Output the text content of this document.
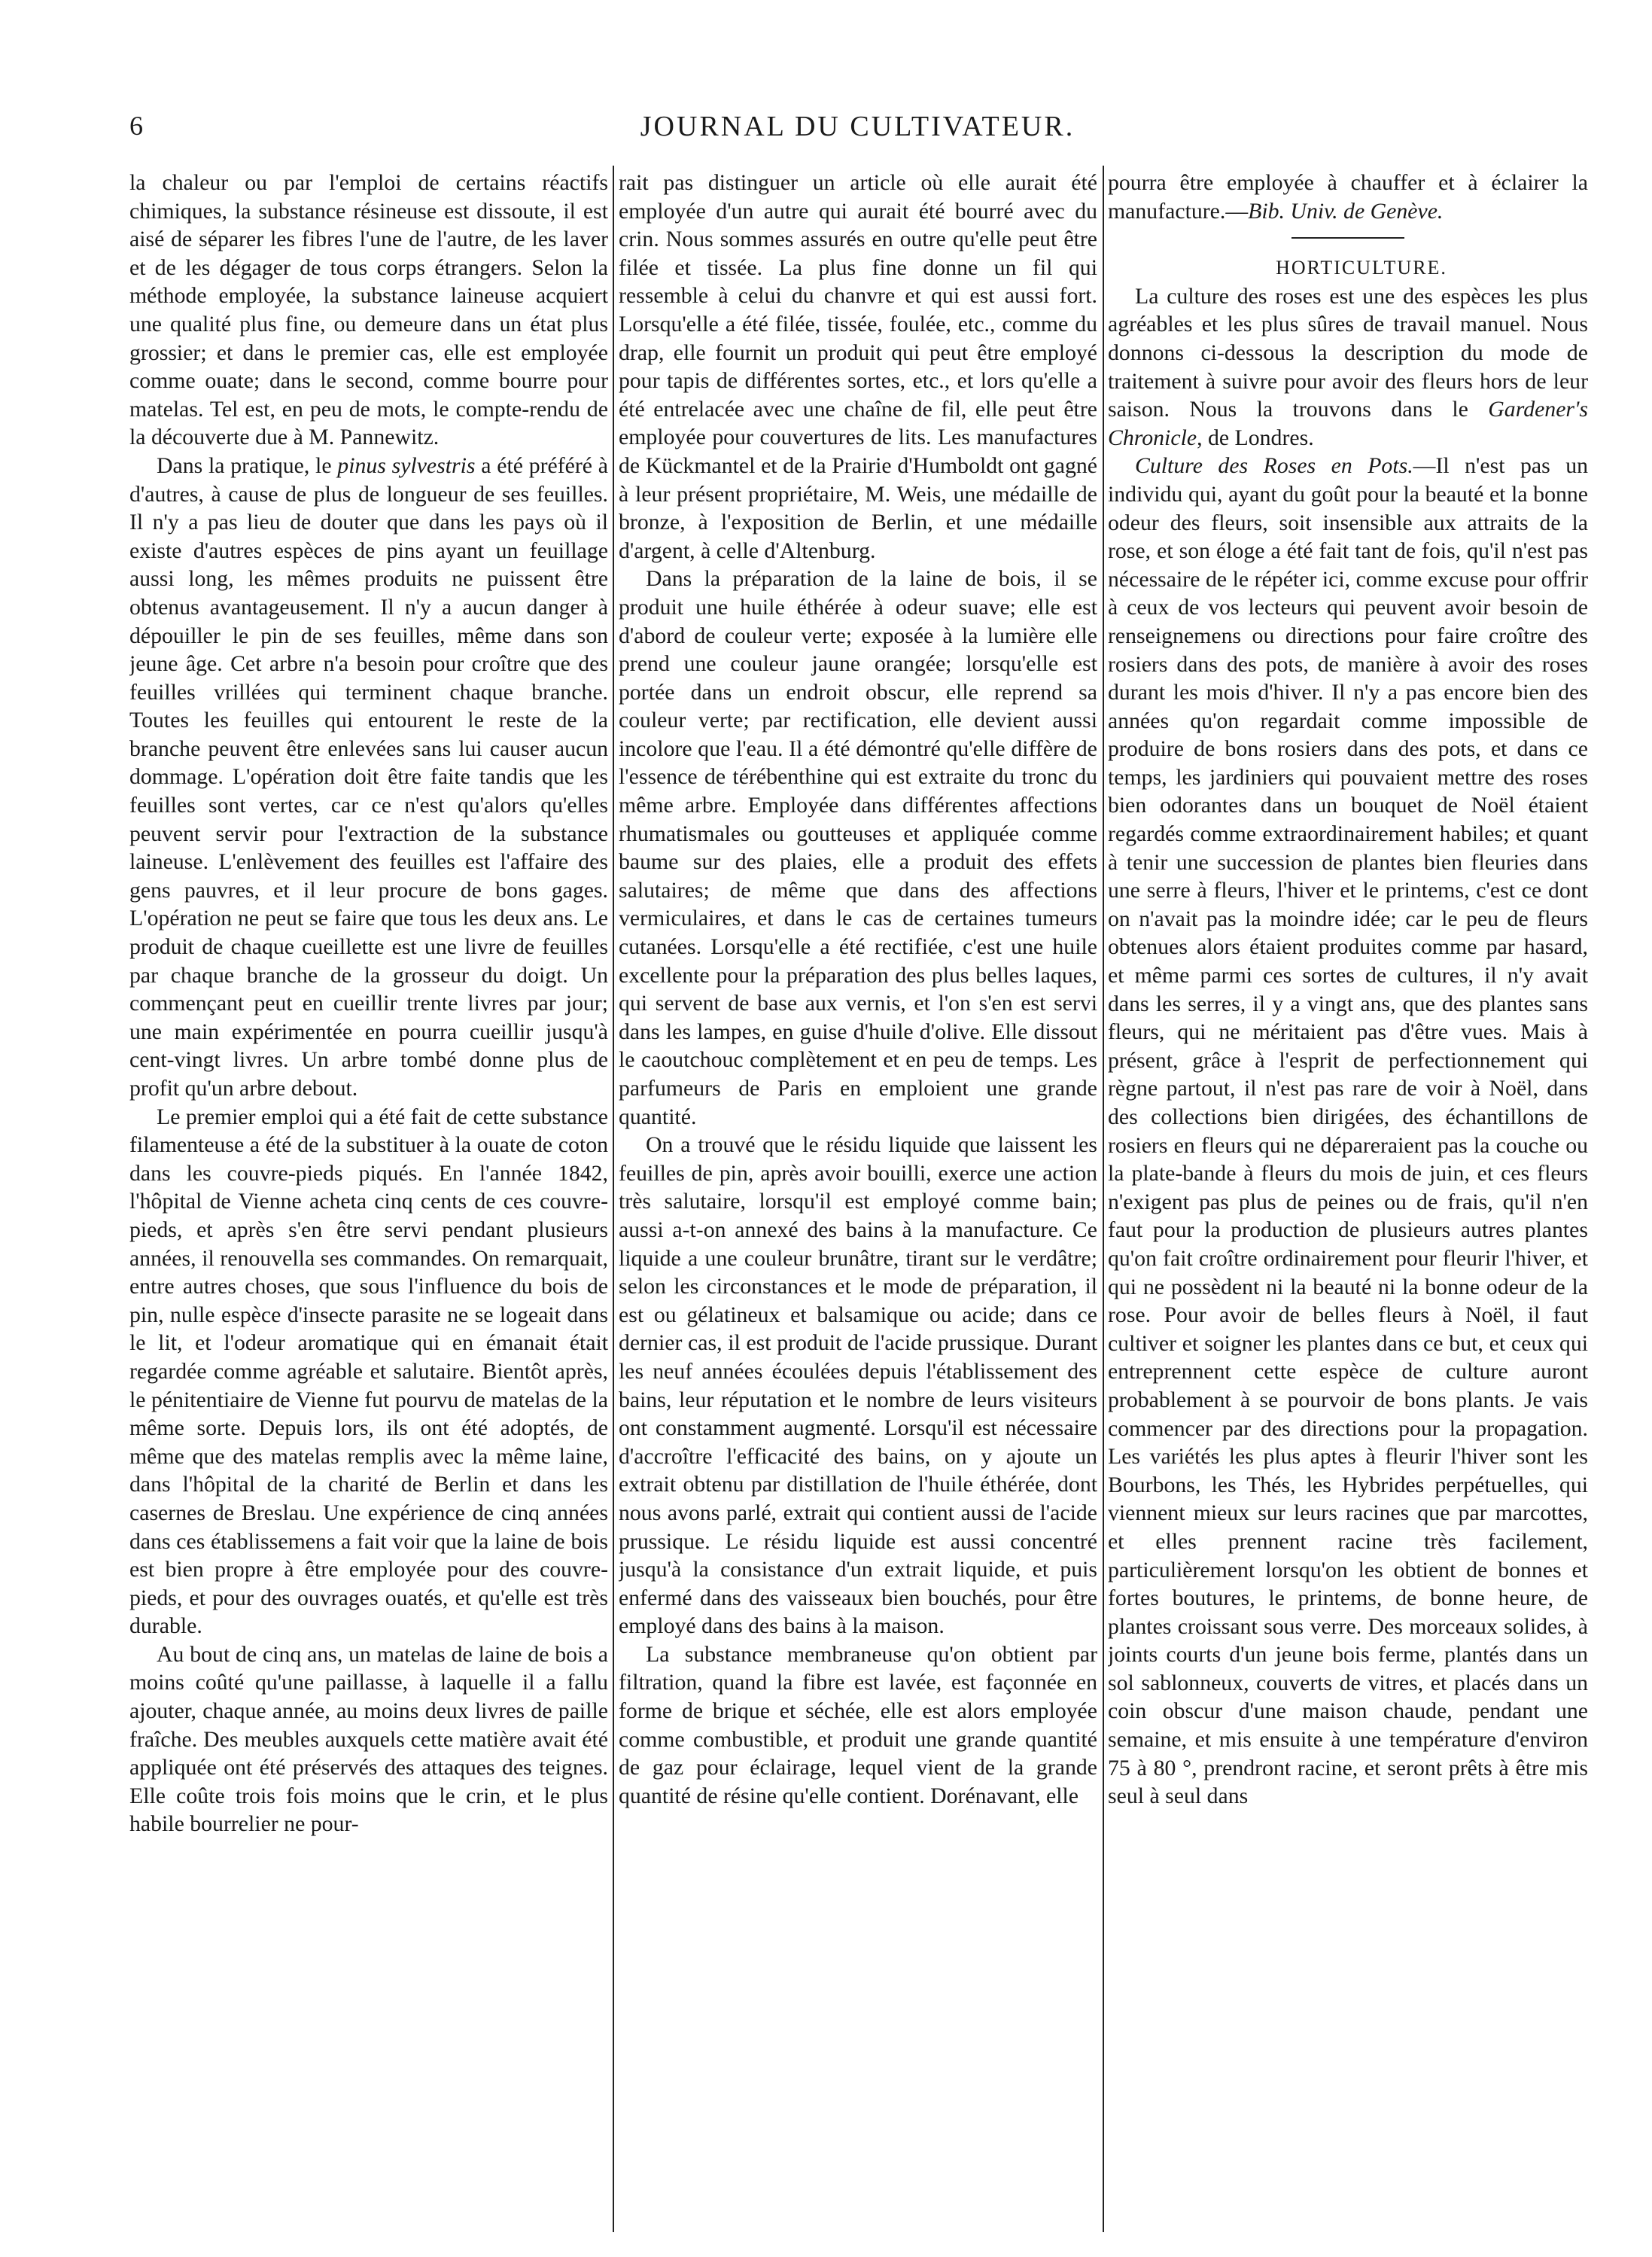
6	JOURNAL DU CULTIVATEUR.

la chaleur ou par l'emploi de certains réactifs chimiques, la substance résineuse est dissoute, il est aisé de séparer les fibres l'une de l'autre, de les laver et de les dégager de tous corps étrangers. Selon la méthode employée, la substance laineuse acquiert une qualité plus fine, ou demeure dans un état plus grossier; et dans le premier cas, elle est employée comme ouate; dans le second, comme bourre pour matelas. Tel est, en peu de mots, le compte-rendu de la découverte due à M. Pannewitz.

Dans la pratique, le pinus sylvestris a été préféré à d'autres, à cause de plus de longueur de ses feuilles. Il n'y a pas lieu de douter que dans les pays où il existe d'autres espèces de pins ayant un feuillage aussi long, les mêmes produits ne puissent être obtenus avantageusement. Il n'y a aucun danger à dépouiller le pin de ses feuilles, même dans son jeune âge. Cet arbre n'a besoin pour croître que des feuilles vrillées qui terminent chaque branche. Toutes les feuilles qui entourent le reste de la branche peuvent être enlevées sans lui causer aucun dommage. L'opération doit être faite tandis que les feuilles sont vertes, car ce n'est qu'alors qu'elles peuvent servir pour l'extraction de la substance laineuse. L'enlèvement des feuilles est l'affaire des gens pauvres, et il leur procure de bons gages. L'opération ne peut se faire que tous les deux ans. Le produit de chaque cueillette est une livre de feuilles par chaque branche de la grosseur du doigt. Un commençant peut en cueillir trente livres par jour; une main expérimentée en pourra cueillir jusqu'à cent-vingt livres. Un arbre tombé donne plus de profit qu'un arbre debout.

Le premier emploi qui a été fait de cette substance filamenteuse a été de la substituer à la ouate de coton dans les couvre-pieds piqués. En l'année 1842, l'hôpital de Vienne acheta cinq cents de ces couvre-pieds, et après s'en être servi pendant plusieurs années, il renouvella ses commandes. On remarquait, entre autres choses, que sous l'influence du bois de pin, nulle espèce d'insecte parasite ne se logeait dans le lit, et l'odeur aromatique qui en émanait était regardée comme agréable et salutaire. Bientôt après, le pénitentiaire de Vienne fut pourvu de matelas de la même sorte. Depuis lors, ils ont été adoptés, de même que des matelas remplis avec la même laine, dans l'hôpital de la charité de Berlin et dans les casernes de Breslau. Une expérience de cinq années dans ces établissemens a fait voir que la laine de bois est bien propre à être employée pour des couvre-pieds, et pour des ouvrages ouatés, et qu'elle est très durable.

Au bout de cinq ans, un matelas de laine de bois a moins coûté qu'une paillasse, à laquelle il a fallu ajouter, chaque année, au moins deux livres de paille fraîche. Des meubles auxquels cette matière avait été appliquée ont été préservés des attaques des teignes. Elle coûte trois fois moins que le crin, et le plus habile bourrelier ne pour-

rait pas distinguer un article où elle aurait été employée d'un autre qui aurait été bourré avec du crin. Nous sommes assurés en outre qu'elle peut être filée et tissée. La plus fine donne un fil qui ressemble à celui du chanvre et qui est aussi fort. Lorsqu'elle a été filée, tissée, foulée, etc., comme du drap, elle fournit un produit qui peut être employé pour tapis de différentes sortes, etc., et lors qu'elle a été entrelacée avec une chaîne de fil, elle peut être employée pour couvertures de lits. Les manufactures de Kückmantel et de la Prairie d'Humboldt ont gagné à leur présent propriétaire, M. Weis, une médaille de bronze, à l'exposition de Berlin, et une médaille d'argent, à celle d'Altenburg.

Dans la préparation de la laine de bois, il se produit une huile éthérée à odeur suave; elle est d'abord de couleur verte; exposée à la lumière elle prend une couleur jaune orangée; lorsqu'elle est portée dans un endroit obscur, elle reprend sa couleur verte; par rectification, elle devient aussi incolore que l'eau. Il a été démontré qu'elle diffère de l'essence de térébenthine qui est extraite du tronc du même arbre. Employée dans différentes affections rhumatismales ou goutteuses et appliquée comme baume sur des plaies, elle a produit des effets salutaires; de même que dans des affections vermiculaires, et dans le cas de certaines tumeurs cutanées. Lorsqu'elle a été rectifiée, c'est une huile excellente pour la préparation des plus belles laques, qui servent de base aux vernis, et l'on s'en est servi dans les lampes, en guise d'huile d'olive. Elle dissout le caoutchouc complètement et en peu de temps. Les parfumeurs de Paris en emploient une grande quantité.

On a trouvé que le résidu liquide que laissent les feuilles de pin, après avoir bouilli, exerce une action très salutaire, lorsqu'il est employé comme bain; aussi a-t-on annexé des bains à la manufacture. Ce liquide a une couleur brunâtre, tirant sur le verdâtre; selon les circonstances et le mode de préparation, il est ou gélatineux et balsamique ou acide; dans ce dernier cas, il est produit de l'acide prussique. Durant les neuf années écoulées depuis l'établissement des bains, leur réputation et le nombre de leurs visiteurs ont constamment augmenté. Lorsqu'il est nécessaire d'accroître l'efficacité des bains, on y ajoute un extrait obtenu par distillation de l'huile éthérée, dont nous avons parlé, extrait qui contient aussi de l'acide prussique. Le résidu liquide est aussi concentré jusqu'à la consistance d'un extrait liquide, et puis enfermé dans des vaisseaux bien bouchés, pour être employé dans des bains à la maison.

La substance membraneuse qu'on obtient par filtration, quand la fibre est lavée, est façonnée en forme de brique et séchée, elle est alors employée comme combustible, et produit une grande quantité de gaz pour éclairage, lequel vient de la grande quantité de résine qu'elle contient. Dorénavant, elle

pourra être employée à chauffer et à éclairer la manufacture.—Bib. Univ. de Genève.

HORTICULTURE.

La culture des roses est une des espèces les plus agréables et les plus sûres de travail manuel. Nous donnons ci-dessous la description du mode de traitement à suivre pour avoir des fleurs hors de leur saison. Nous la trouvons dans le Gardener's Chronicle, de Londres.

Culture des Roses en Pots.—Il n'est pas un individu qui, ayant du goût pour la beauté et la bonne odeur des fleurs, soit insensible aux attraits de la rose, et son éloge a été fait tant de fois, qu'il n'est pas nécessaire de le répéter ici, comme excuse pour offrir à ceux de vos lecteurs qui peuvent avoir besoin de renseignemens ou directions pour faire croître des rosiers dans des pots, de manière à avoir des roses durant les mois d'hiver. Il n'y a pas encore bien des années qu'on regardait comme impossible de produire de bons rosiers dans des pots, et dans ce temps, les jardiniers qui pouvaient mettre des roses bien odorantes dans un bouquet de Noël étaient regardés comme extraordinairement habiles; et quant à tenir une succession de plantes bien fleuries dans une serre à fleurs, l'hiver et le printems, c'est ce dont on n'avait pas la moindre idée; car le peu de fleurs obtenues alors étaient produites comme par hasard, et même parmi ces sortes de cultures, il n'y avait dans les serres, il y a vingt ans, que des plantes sans fleurs, qui ne méritaient pas d'être vues. Mais à présent, grâce à l'esprit de perfectionnement qui règne partout, il n'est pas rare de voir à Noël, dans des collections bien dirigées, des échantillons de rosiers en fleurs qui ne dépareraient pas la couche ou la plate-bande à fleurs du mois de juin, et ces fleurs n'exigent pas plus de peines ou de frais, qu'il n'en faut pour la production de plusieurs autres plantes qu'on fait croître ordinairement pour fleurir l'hiver, et qui ne possèdent ni la beauté ni la bonne odeur de la rose. Pour avoir de belles fleurs à Noël, il faut cultiver et soigner les plantes dans ce but, et ceux qui entreprennent cette espèce de culture auront probablement à se pourvoir de bons plants. Je vais commencer par des directions pour la propagation. Les variétés les plus aptes à fleurir l'hiver sont les Bourbons, les Thés, les Hybrides perpétuelles, qui viennent mieux sur leurs racines que par marcottes, et elles prennent racine très facilement, particulièrement lorsqu'on les obtient de bonnes et fortes boutures, le printems, de bonne heure, de plantes croissant sous verre. Des morceaux solides, à joints courts d'un jeune bois ferme, plantés dans un sol sablonneux, couverts de vitres, et placés dans un coin obscur d'une maison chaude, pendant une semaine, et mis ensuite à une température d'environ 75 à 80 °, prendront racine, et seront prêts à être mis seul à seul dans
